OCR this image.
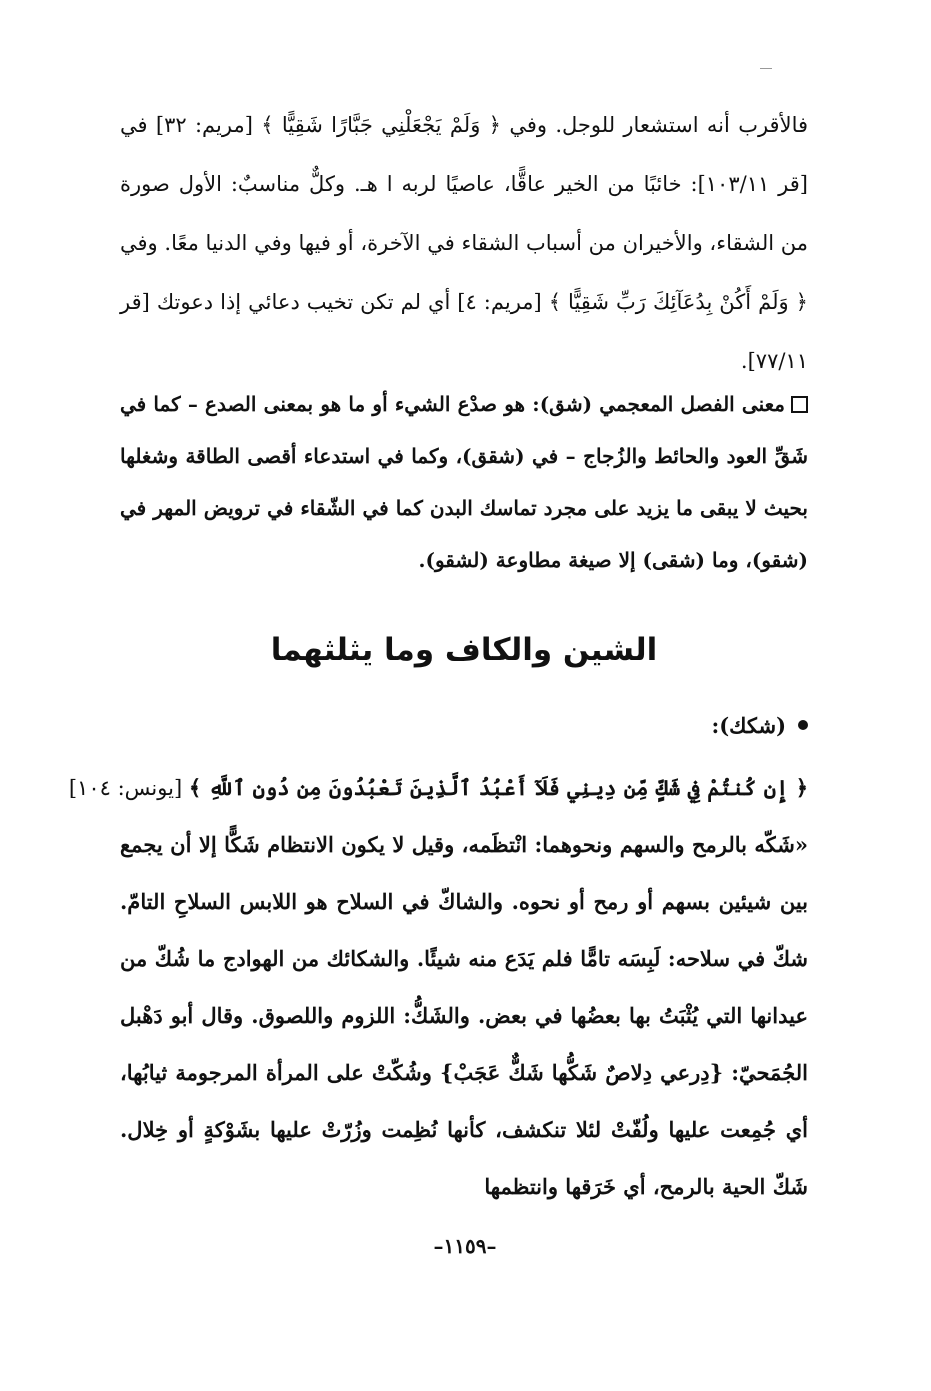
فالأقرب أنه استشعار للوجل. وفي ﴿ وَلَمْ يَجْعَلْنِي جَبَّارًا شَقِيًّا ﴾ [مريم: ٣٢] في [قر ١٠٣/١١]: خائبًا من الخير عاقًّا، عاصيًا لربه ا هـ. وكلٌّ مناسبٌ: الأول صورة من الشقاء، والأخيران من أسباب الشقاء في الآخرة، أو فيها وفي الدنيا معًا. وفي ﴿ وَلَمْ أَكُنْ بِدُعَآئِكَ رَبِّ شَقِيًّا ﴾ [مريم: ٤] أي لم تكن تخيب دعائي إذا دعوتك [قر ٧٧/١١].
معنى الفصل المعجمي (شق): هو صدْع الشيء أو ما هو بمعنى الصدع – كما في شَقِّ العود والحائط والزُجاج – في (شقق)، وكما في استدعاء أقصى الطاقة وشغلها بحيث لا يبقى ما يزيد على مجرد تماسك البدن كما في الشّقاء في ترويض المهر في (شقو)، وما (شقى) إلا صيغة مطاوعة (لشقو).
الشين والكاف وما يثلثهما
(شكك):
﴿ إِن كُنتُمْ فِي شَكٍّ مِّن دِينِي فَلَآ أَعْبُدُ ٱلَّذِينَ تَعْبُدُونَ مِن دُونِ ٱللَّهِ ﴾ [يونس: ١٠٤]
«شَكّه بالرمح والسهم ونحوهما: انْتظَمه، وقيل لا يكون الانتظام شَكًّا إلا أن يجمع بين شيئين بسهم أو رمح أو نحوه. والشاكّ في السلاح هو اللابس السلاحِ التامّ. شكّ في سلاحه: لَبِسَه تامًّا فلم يَدَع منه شيئًا. والشكائك من الهوادج ما شُكّ من عيدانها التي يُثْبَتُ بها بعضُها في بعض. والشَكُّ: اللزوم واللصوق. وقال أبو دَهْبل الجُمَحيّ: {دِرعي دِلاصٌ شَكُّها شَكٌّ عَجَبْ} وشُكّتْ على المرأة المرجومة ثيابُها، أي جُمِعت عليها ولُفّتْ لئلا تنكشف، كأنها نُظِمت وزُرّتْ عليها بشَوْكةٍ أو خِلال. شَكّ الحية بالرمح، أي خَرَقها وانتظمها
–١١٥٩–
